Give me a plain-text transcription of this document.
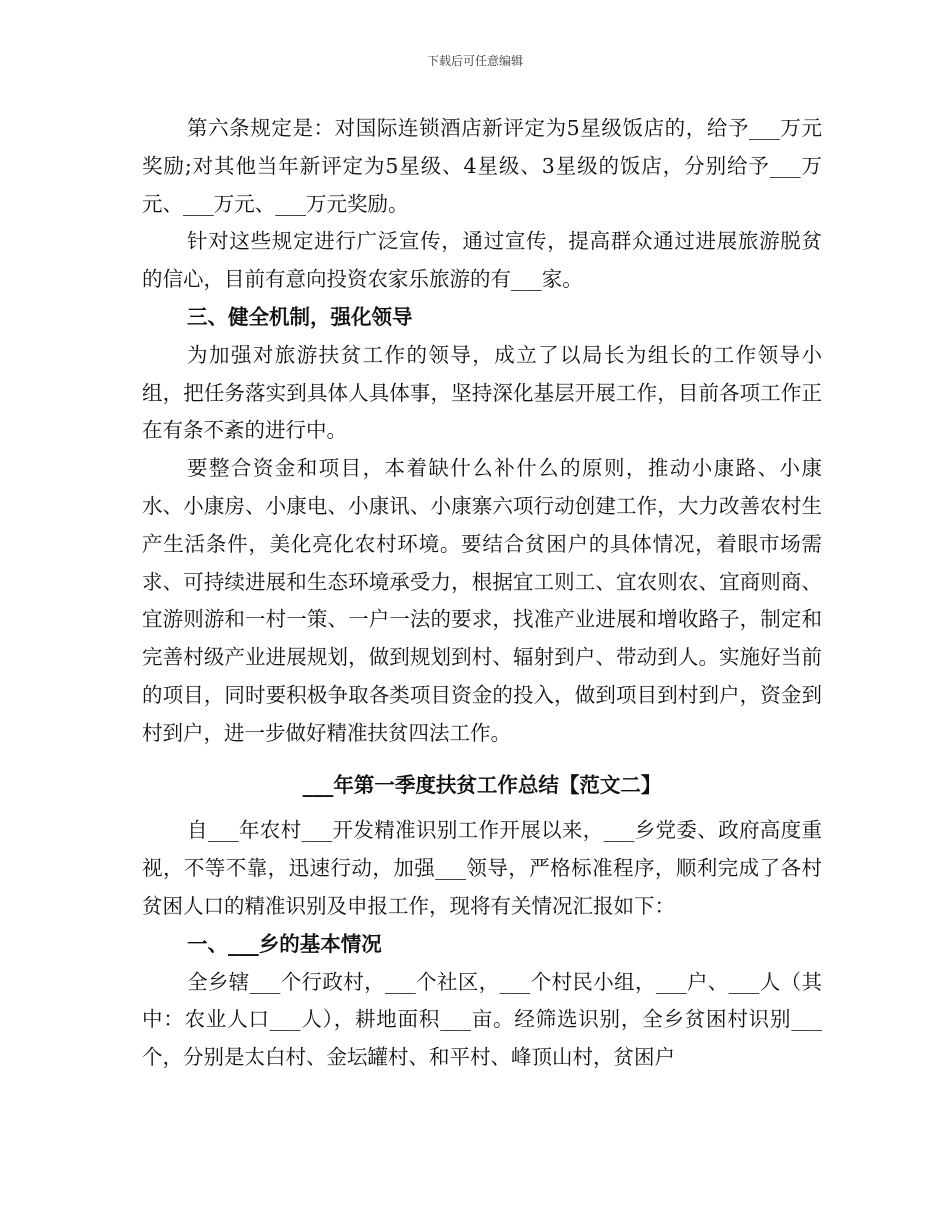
下载后可任意编辑

第六条规定是：对国际连锁酒店新评定为5星级饭店的，给予___万元奖励;对其他当年新评定为5星级、4星级、3星级的饭店，分别给予___万元、___万元、___万元奖励。

针对这些规定进行广泛宣传，通过宣传，提高群众通过进展旅游脱贫的信心，目前有意向投资农家乐旅游的有___家。

三、健全机制，强化领导

为加强对旅游扶贫工作的领导，成立了以局长为组长的工作领导小组，把任务落实到具体人具体事，坚持深化基层开展工作，目前各项工作正在有条不紊的进行中。

要整合资金和项目，本着缺什么补什么的原则，推动小康路、小康水、小康房、小康电、小康讯、小康寨六项行动创建工作，大力改善农村生产生活条件，美化亮化农村环境。要结合贫困户的具体情况，着眼市场需求、可持续进展和生态环境承受力，根据宜工则工、宜农则农、宜商则商、宜游则游和一村一策、一户一法的要求，找准产业进展和增收路子，制定和完善村级产业进展规划，做到规划到村、辐射到户、带动到人。实施好当前的项目，同时要积极争取各类项目资金的投入，做到项目到村到户，资金到村到户，进一步做好精准扶贫四法工作。

___年第一季度扶贫工作总结【范文二】

自___年农村___开发精准识别工作开展以来，___乡党委、政府高度重视，不等不靠，迅速行动，加强___领导，严格标准程序，顺利完成了各村贫困人口的精准识别及申报工作，现将有关情况汇报如下：

一、___乡的基本情况

全乡辖___个行政村，___个社区，___个村民小组，___户、___人（其中：农业人口___人），耕地面积___亩。经筛选识别，全乡贫困村识别___个，分别是太白村、金坛罐村、和平村、峰顶山村，贫困户
